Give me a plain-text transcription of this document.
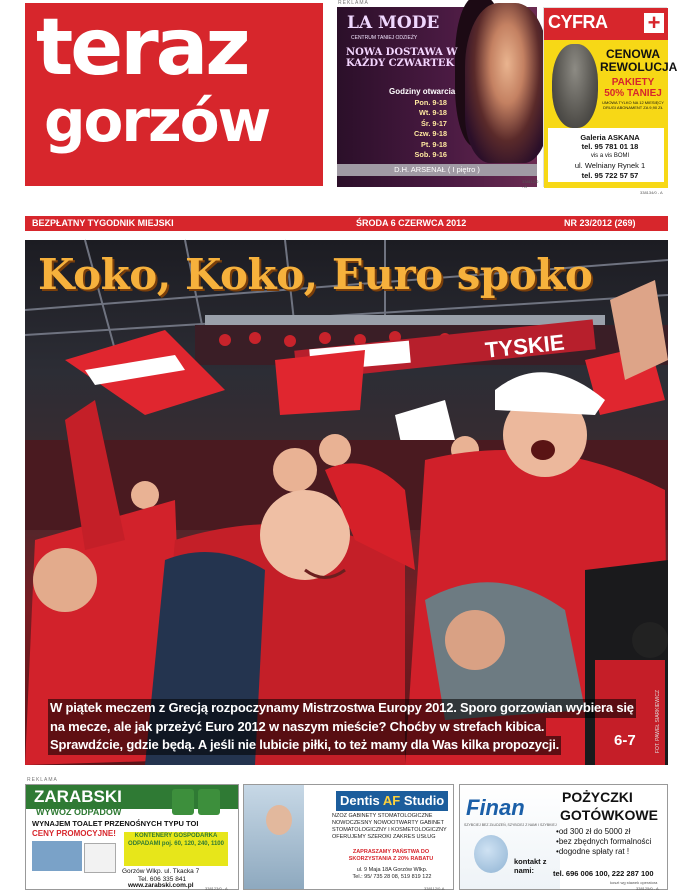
teraz
gorzów
REKLAMA
LA MODE
CENTRUM TANIEJ ODZIEŻY
NOWA DOSTAWA W KAŻDY CZWARTEK
Godziny otwarcia
Pon. 9-18
Wt. 9-18
Śr. 9-17
Czw. 9-18
Pt. 9-18
Sob. 9-16
D.H. ARSENAŁ ( I piętro )
338112/0 - A
CYFRA +
CENOWA REWOLUCJA
PAKIETY 50% TANIEJ
UMOWA TYLKO NA 12 MIESIĘCY DRUGI ABONAMENT ZA 9,90 ZŁ
Galeria ASKANA
tel. 95 781 01 18
vis a vis BOMI
ul. Welniany Rynek 1
tel. 95 722 57 57
338134/0 - A
BEZPŁATNY TYGODNIK MIEJSKI	ŚRODA 6 CZERWCA 2012	NR 23/2012 (269)
TYSKIE
Koko, Koko, Euro spoko
W piątek meczem z Grecją rozpoczynamy Mistrzostwa Europy 2012. Sporo gorzowian wybiera się
na mecze, ale jak przeżyć Euro 2012 w naszym mieście? Choćby w strefach kibica.
Sprawdźcie, gdzie będą. A jeśli nie lubicie piłki, to też mamy dla Was kilka propozycji.	6-7	FOT. PAWEŁ SIARKIEWICZ
REKLAMA
ZARABSKI
WYWÓZ ODPADÓW
WYNAJEM TOALET PRZENOŚNYCH TYPU TOI
CENY PROMOCYJNE!	KONTENERY GOSPODARKA ODPADAMI poj. 60, 120, 240, 1100
Gorzów Wlkp. ul. Tkacka 7
Tel. 606 335 841
www.zarabski.com.pl	338123/0 - A
Dentis AF Studio
NZOZ GABINETY STOMATOLOGICZNE
NOWOCZESNY NOWOOTWARTY GABINET STOMATOLOGICZNY I KOSMETOLOGICZNY
OFERUJEMY SZEROKI ZAKRES USŁUG
ZAPRASZAMY PAŃSTWA DO SKORZYSTANIA Z 20% RABATU
ul. 9 Maja 18A Gorzów Wlkp.
Tel.: 95/ 735 28 08, 519 819 122
338112/0-A
Finan
SZYBCIEJ BEZ ZŁUDZEŃ, SZYBCIEJ Z NAMI I SZYBKIEJ
POŻYCZKI
GOTÓWKOWE
•od 300 zł do 5000 zł
•bez zbędnych formalności
•dogodne spłaty rat !
kontakt z nami:	tel. 696 006 100, 222 287 100
koszt wg stawek operatora
338125/0 - A
